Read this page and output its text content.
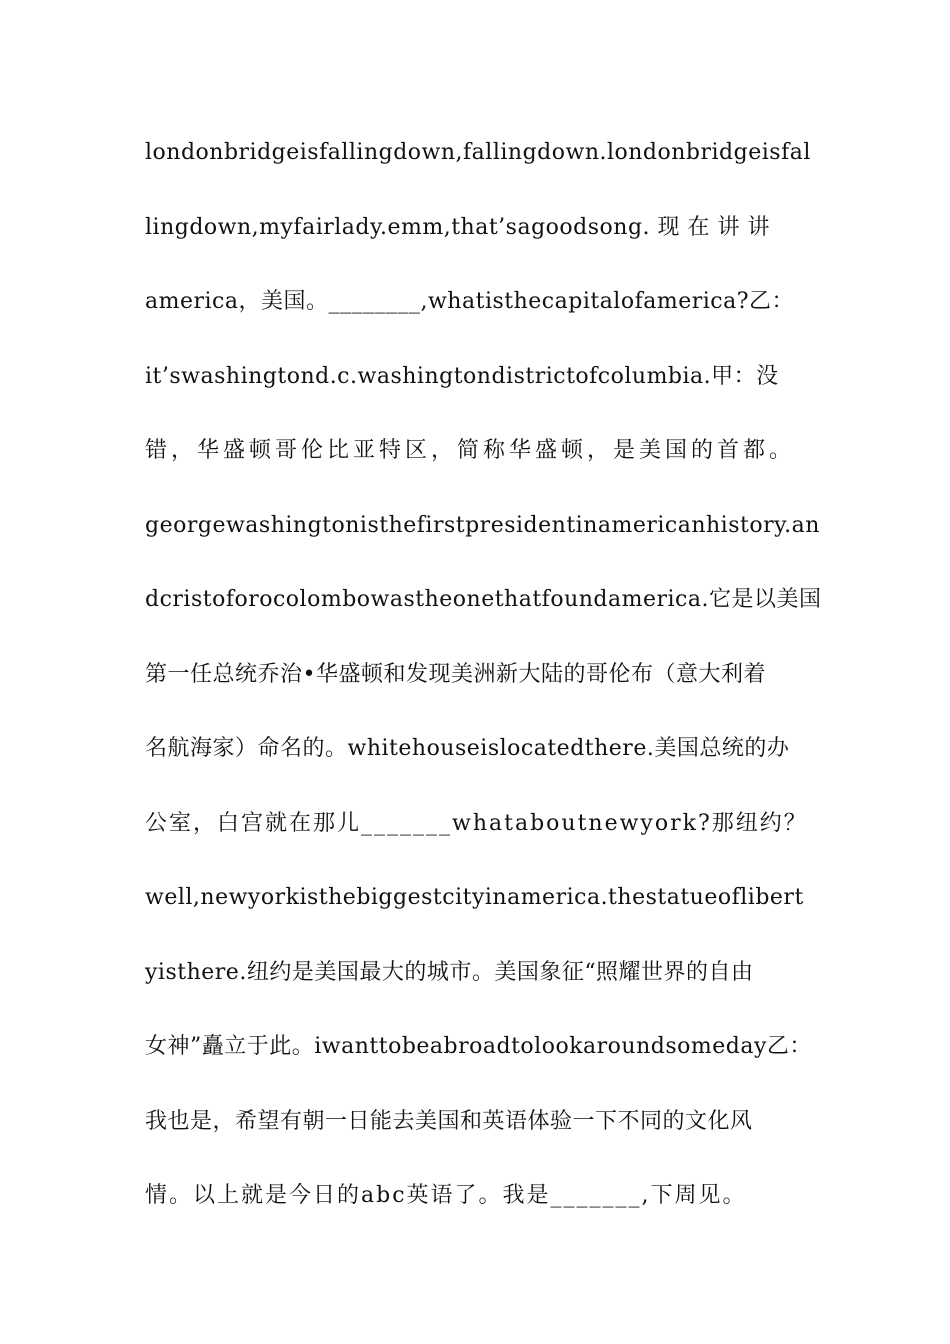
londonbridgeisfallingdown,fallingdown.londonbridgeisfal
lingdown,myfairlady.emm,that’sagoodsong. 现 在 讲 讲
america，美国。________,whatisthecapitalofamerica?乙：
it’swashingtond.c.washingtondistrictofcolumbia.甲：没
错，华盛顿哥伦比亚特区，简称华盛顿，是美国的首都。
georgewashingtonisthefirstpresidentinamericanhistory.an
dcristoforocolombowastheonethatfoundamerica.它是以美国
第一任总统乔治•华盛顿和发现美洲新大陆的哥伦布（意大利着
名航海家）命名的。whitehouseislocatedthere.美国总统的办
公室，白宫就在那儿_______whataboutnewyork?那纽约？
well,newyorkisthebiggestcityinamerica.thestatueoflibert
yisthere.纽约是美国最大的城市。美国象征“照耀世界的自由
女神”矗立于此。iwanttobeabroadtolookaroundsomeday乙：
我也是，希望有朝一日能去美国和英语体验一下不同的文化风
情。以上就是今日的abc英语了。我是_______,下周见。
